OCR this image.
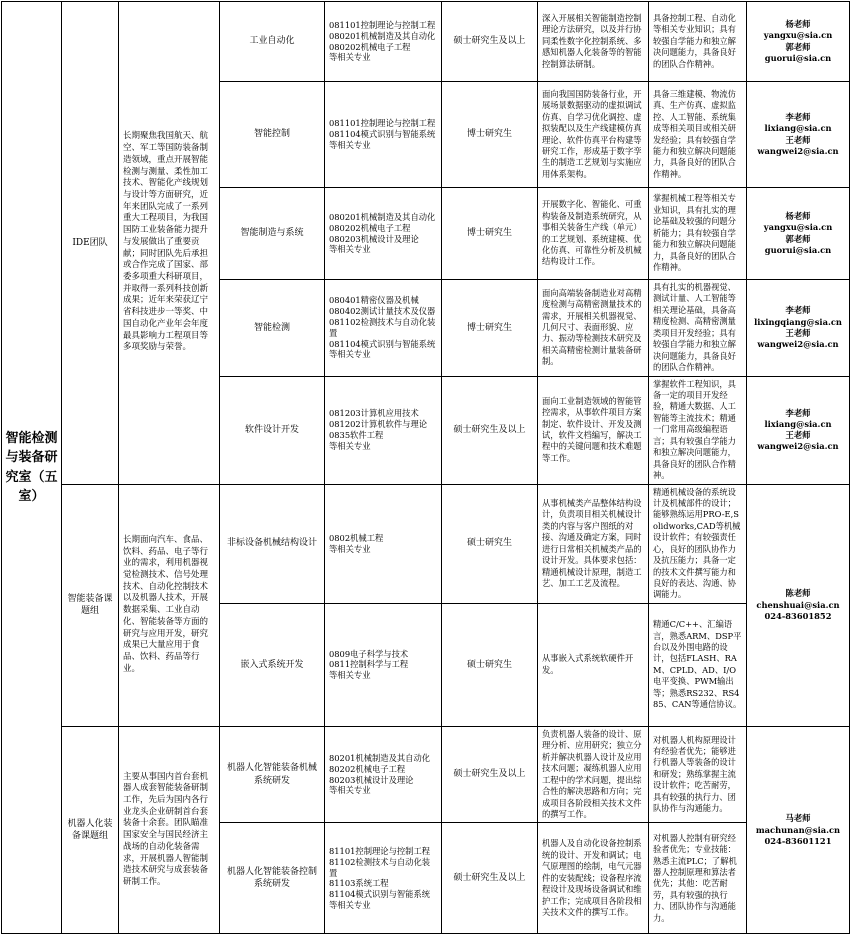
智能检测与装备研究室（五室）	IDE团队	长期聚焦我国航天、航空、军工等国防装备制造领域，重点开展智能检测与测量、柔性加工技术、智能化产线规划与设计等方面研究，近年来团队完成了一系列重大工程项目，为我国国防工业装备能力提升与发展做出了重要贡献；同时团队先后承担或合作完成了国家、部委多项重大科研项目，并取得一系列科技创新成果；近年来荣获辽宁省科技进步一等奖、中国自动化产业年会年度最具影响力工程项目等多项奖励与荣誉。	工业自动化	081101控制理论与控制工程
080201机械制造及其自动化
080202机械电子工程
等相关专业	硕士研究生及以上	深入开展相关智能制造控制理论方法研究，以及并行协同柔性数字化控制系统、多感知机器人化装备等的智能控制算法研制。	具备控制工程、自动化等相关专业知识；具有较强自学能力和独立解决问题能力，具备良好的团队合作精神。	杨老师
yangxu@sia.cn
郭老师
guorui@sia.cn

			智能控制	081101控制理论与控制工程
081104模式识别与智能系统
等相关专业	博士研究生	面向我国国防装备行业，开展场景数据驱动的虚拟调试仿真、自学习优化调控、虚拟装配以及生产线建模仿真理论、软件仿真平台构建等研究工作，形成基于数字孪生的制造工艺规划与实施应用体系架构。	具备三维建模、物流仿真、生产仿真、虚拟监控、人工智能、系统集成等相关项目或相关研发经验；具有较强自学能力和独立解决问题能力，具备良好的团队合作精神。	李老师
lixiang@sia.cn
王老师
wangwei2@sia.cn

			智能制造与系统	080201机械制造及其自动化
080202机械电子工程
080203机械设计及理论
等相关专业	博士研究生	开展数字化、智能化、可重构装备及制造系统研究，从事相关装备生产线（单元）的工艺规划、系统建模、优化仿真、可靠性分析及机械结构设计工作。	掌握机械工程等相关专业知识，具有扎实的理论基础及较强的问题分析能力；具有较强自学能力和独立解决问题能力，具备良好的团队合作精神。	杨老师
yangxu@sia.cn
郭老师
guorui@sia.cn

			智能检测	080401精密仪器及机械
080402测试计量技术及仪器
081102检测技术与自动化装置
081104模式识别与智能系统
等相关专业	博士研究生	面向高端装备制造业对高精度检测与高精密测量技术的需求，开展相关机器视觉、几何尺寸、表面形貌、应力、振动等检测技术研究及相关高精密检测计量装备研制。	具有扎实的机器视觉、测试计量、人工智能等相关理论基础，具备高精度检测、高精密测量类项目开发经验；具有较强自学能力和独立解决问题能力，具备良好的团队合作精神。	李老师
lixingqiang@sia.cn
王老师
wangwei2@sia.cn

			软件设计开发	081203计算机应用技术
081202计算机软件与理论
0835软件工程
等相关专业	硕士研究生及以上	面向工业制造领域的智能管控需求，从事软件项目方案制定、软件设计、开发及测试，软件文档编写，解决工程中的关键问题和技术难题等工作。	掌握软件工程知识，具备一定的项目开发经验，精通大数据、人工智能等主流技术；精通一门常用高级编程语言；具有较强自学能力和独立解决问题能力，具备良好的团队合作精神。	李老师
lixiang@sia.cn
王老师
wangwei2@sia.cn

	智能装备课题组	长期面向汽车、食品、饮料、药品、电子等行业的需求，利用机器视觉检测技术、信号处理技术、自动化控制技术以及机器人技术，开展数据采集、工业自动化、智能装备等方面的研究与应用开发，研究成果已大量应用于食品、饮料、药品等行业。	非标设备机械结构设计	0802机械工程
等相关专业	硕士研究生	从事机械类产品整体结构设计，负责项目相关机械设计类的内容与客户图纸的对接、沟通及确定方案，同时进行日常相关机械类产品的设计开发。具体要求包括：精通机械设计原理，制造工艺、加工工艺及流程。	精通机械设备的系统设计及机械部件的设计；能够熟练运用PRO-E,Solidworks,CAD等机械设计软件；有较强责任心，良好的团队协作力及抗压能力；具备一定的技术文件撰写能力和良好的表达、沟通、协调能力。	陈老师
chenshuai@sia.cn
024-83601852

			嵌入式系统开发	0809电子科学与技术
0811控制科学与工程
等相关专业	硕士研究生	从事嵌入式系统软硬件开发。	精通C/C++、汇编语言，熟悉ARM、DSP平台以及外围电路的设计，包括FLASH、RAM、CPLD、AD、I/O电平变换、PWM输出等；熟悉RS232、RS485、CAN等通信协议。	
	机器人化装备课题组	主要从事国内首台套机器人成套智能装备研制工作，先后为国内各行业龙头企业研制首台套装备十余套。团队瞄准国家安全与国民经济主战场的自动化装备需求，开展机器人智能制造技术研究与成套装备研制工作。	机器人化智能装备机械系统研发	80201机械制造及其自动化
80202机械电子工程
80203机械设计及理论
等相关专业	硕士研究生及以上	负责机器人装备的设计、原理分析、应用研究；独立分析并解决机器人设计及应用技术问题；凝练机器人应用工程中的学术问题，提出综合性的解决思路和方向；完成项目各阶段相关技术文件的撰写工作。	对机器人机构原理设计有经验者优先；能够进行机器人等装备的设计和研发；熟练掌握主流设计软件；吃苦耐劳，具有较强的执行力、团队协作与沟通能力。	马老师
machunan@sia.cn
024-83601121

			机器人化智能装备控制系统研发	81101控制理论与控制工程
81102检测技术与自动化装置
81103系统工程
81104模式识别与智能系统
等相关专业	硕士研究生及以上	机器人及自动化设备控制系统的设计、开发和调试；电气原理图的绘制，电气元器件的安装配线；设备程序流程设计及现场设备调试和维护工作；完成项目各阶段相关技术文件的撰写工作。	对机器人控制有研究经验者优先；专业技能：熟悉主流PLC；了解机器人控制原理和算法者优先；其他：吃苦耐劳，具有较强的执行力、团队协作与沟通能力。	
